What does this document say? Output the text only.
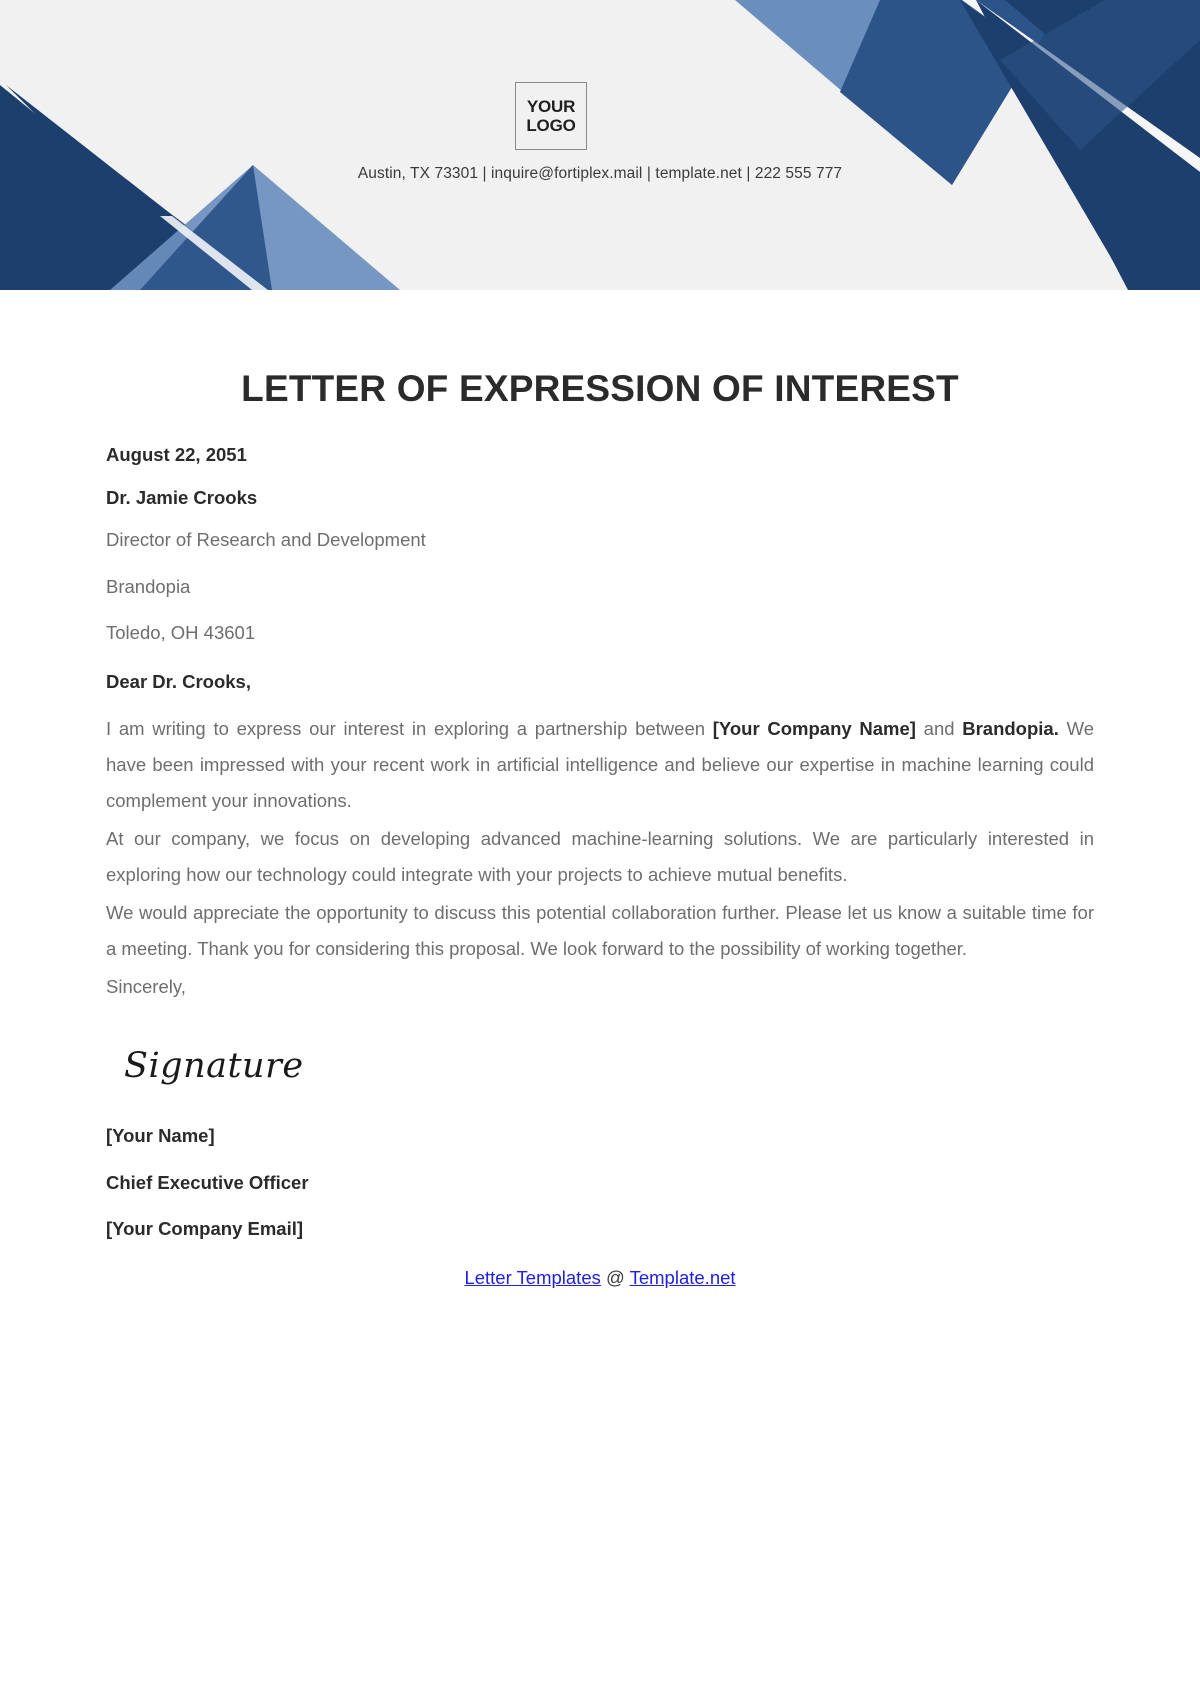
YOUR
LOGO
Austin, TX 73301 | inquire@fortiplex.mail | template.net | 222 555 777
LETTER OF EXPRESSION OF INTEREST

August 22, 2051

Dr. Jamie Crooks

Director of Research and Development

Brandopia

Toledo, OH 43601

Dear Dr. Crooks,

I am writing to express our interest in exploring a partnership between [Your Company Name] and Brandopia. We have been impressed with your recent work in artificial intelligence and believe our expertise in machine learning could complement your innovations.

At our company, we focus on developing advanced machine-learning solutions. We are particularly interested in exploring how our technology could integrate with your projects to achieve mutual benefits.

We would appreciate the opportunity to discuss this potential collaboration further. Please let us know a suitable time for a meeting. Thank you for considering this proposal. We look forward to the possibility of working together.

Sincerely,

Signature

[Your Name]

Chief Executive Officer

[Your Company Email]

Letter Templates @ Template.net
